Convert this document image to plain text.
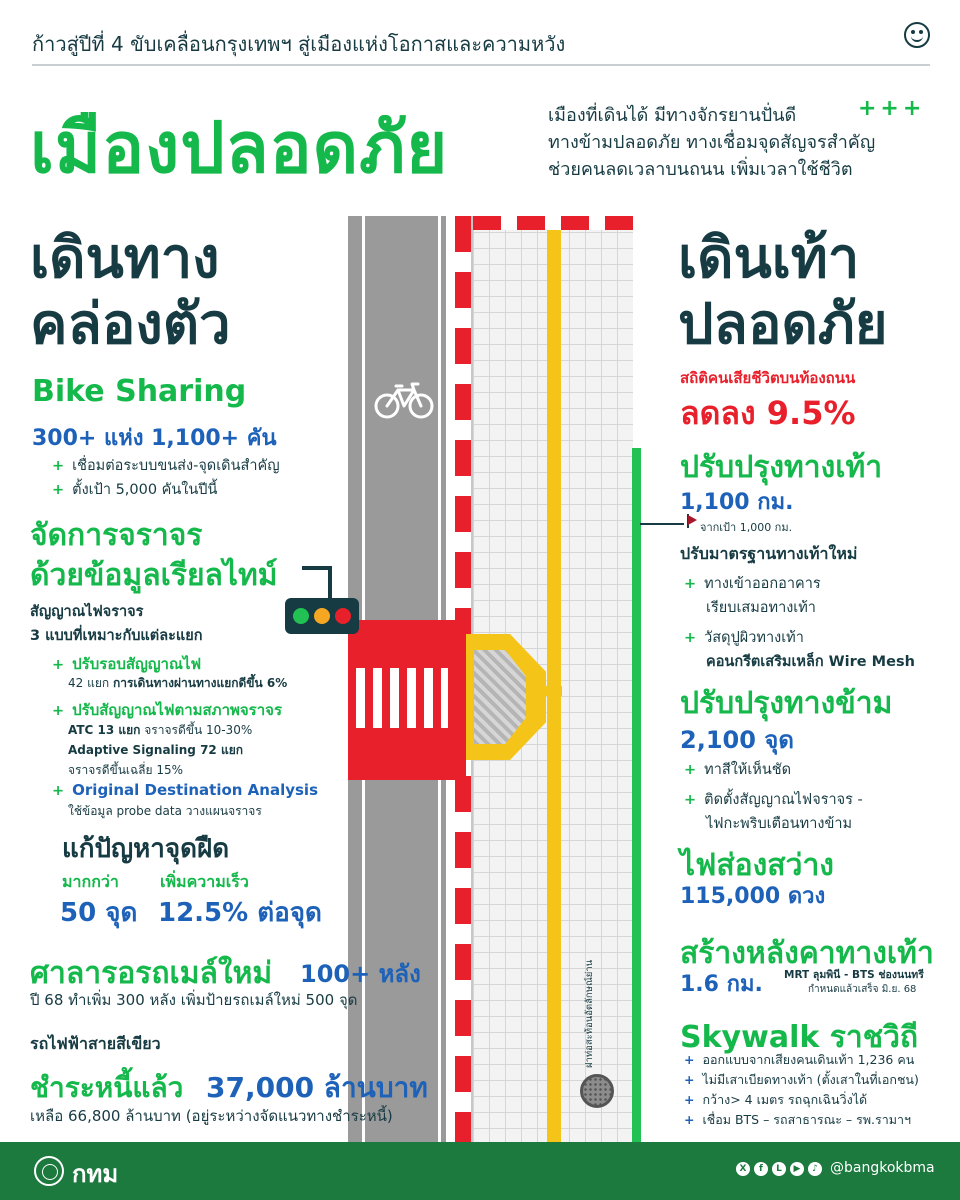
ก้าวสู่ปีที่ 4 ขับเคลื่อนกรุงเทพฯ สู่เมืองแห่งโอกาสและความหวัง
เมืองปลอดภัย	+++
เมืองที่เดินได้ มีทางจักรยานปั่นดี
ทางข้ามปลอดภัย ทางเชื่อมจุดสัญจรสำคัญ
ช่วยคนลดเวลาบนถนน เพิ่มเวลาใช้ชีวิต
ฝาท่อสะท้อนอัตลักษณ์ย่าน
เดินทาง
คล่องตัว
Bike Sharing
300+ แห่ง 1,100+ คัน
+ เชื่อมต่อระบบขนส่ง-จุดเดินสำคัญ
+ ตั้งเป้า 5,000 คันในปีนี้
จัดการจราจร
ด้วยข้อมูลเรียลไทม์
สัญญาณไฟจราจร
3 แบบที่เหมาะกับแต่ละแยก
+ ปรับรอบสัญญาณไฟ
42 แยก การเดินทางผ่านทางแยกดีขึ้น 6%
+ ปรับสัญญาณไฟตามสภาพจราจร
ATC 13 แยก จราจรดีขึ้น 10-30%
Adaptive Signaling 72 แยก
จราจรดีขึ้นเฉลี่ย 15%
+ Original Destination Analysis
ใช้ข้อมูล probe data วางแผนจราจร
แก้ปัญหาจุดฝืด
มากกว่า
50 จุด
เพิ่มความเร็ว
12.5% ต่อจุด
ศาลารอรถเมล์ใหม่ 100+ หลัง
ปี 68 ทำเพิ่ม 300 หลัง เพิ่มป้ายรถเมล์ใหม่ 500 จุด
รถไฟฟ้าสายสีเขียว
ชำระหนี้แล้ว 37,000 ล้านบาท
เหลือ 66,800 ล้านบาท (อยู่ระหว่างจัดแนวทางชำระหนี้)
เดินเท้า
ปลอดภัย
สถิติคนเสียชีวิตบนท้องถนน
ลดลง 9.5%
ปรับปรุงทางเท้า
1,100 กม.
จากเป้า 1,000 กม.
ปรับมาตรฐานทางเท้าใหม่
+ ทางเข้าออกอาคาร
เรียบเสมอทางเท้า
+ วัสดุปูผิวทางเท้า
คอนกรีตเสริมเหล็ก Wire Mesh
ปรับปรุงทางข้าม
2,100 จุด
+ ทาสีให้เห็นชัด
+ ติดตั้งสัญญาณไฟจราจร -
ไฟกะพริบเตือนทางข้าม
ไฟส่องสว่าง
115,000 ดวง
สร้างหลังคาทางเท้า
1.6 กม. MRT ลุมพินี - BTS ช่องนนทรี
กำหนดแล้วเสร็จ มิ.ย. 68
Skywalk ราชวิถี
+ ออกแบบจากเสียงคนเดินเท้า 1,236 คน
+ ไม่มีเสาเบียดทางเท้า (ตั้งเสาในที่เอกชน)
+ กว้าง> 4 เมตร รถฉุกเฉินวิ่งได้
+ เชื่อม BTS – รถสาธารณะ – รพ.รามาฯ
กทม	X	f	L	▶	♪ @bangkokbma
